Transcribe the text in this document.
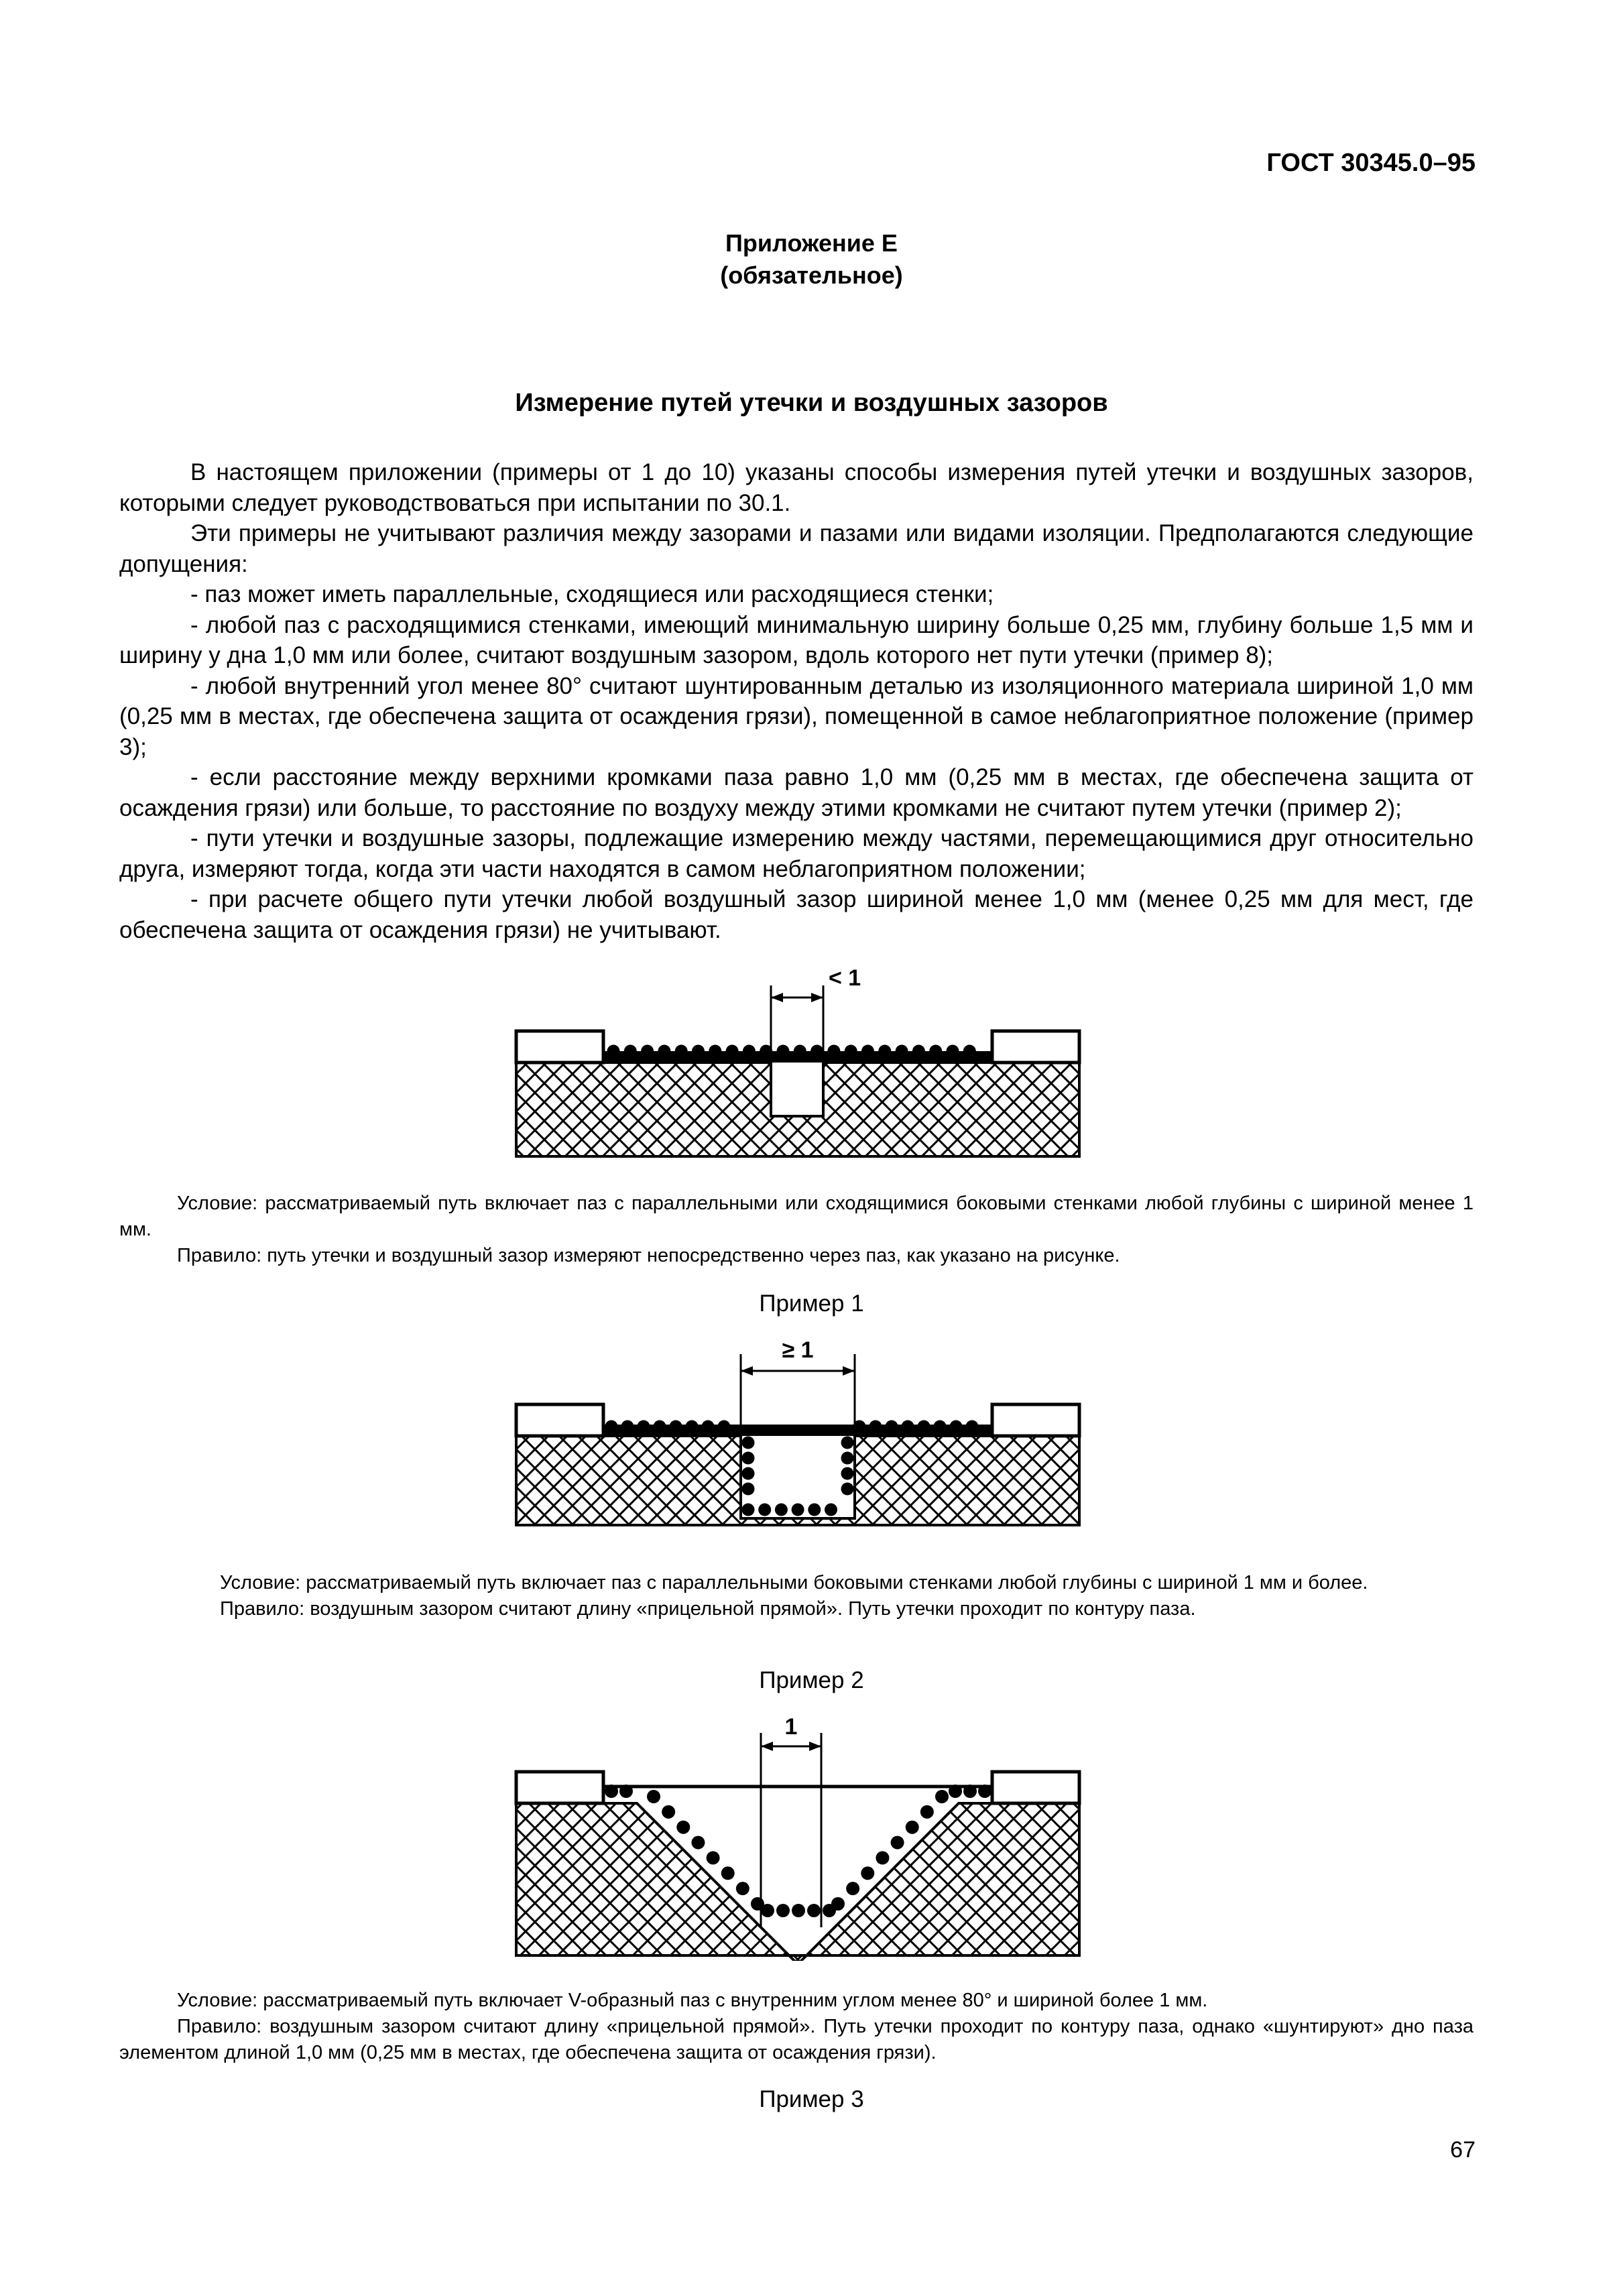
ГОСТ 30345.0–95
Приложение Е
(обязательное)
Измерение путей утечки и воздушных зазоров

В настоящем приложении (примеры от 1 до 10) указаны способы измерения путей утечки и воздушных зазоров, которыми следует руководствоваться при испытании по 30.1.

Эти примеры не учитывают различия между зазорами и пазами или видами изоляции. Предполагаются следующие допущения:

- паз может иметь параллельные, сходящиеся или расходящиеся стенки;

- любой паз с расходящимися стенками, имеющий минимальную ширину больше 0,25 мм, глубину больше 1,5 мм и ширину у дна 1,0 мм или более, считают воздушным зазором, вдоль которого нет пути утечки (пример 8);

- любой внутренний угол менее 80° считают шунтированным деталью из изоляционного материала шириной 1,0 мм (0,25 мм в местах, где обеспечена защита от осаждения грязи), помещенной в самое неблагоприятное положение (пример 3);

- если расстояние между верхними кромками паза равно 1,0 мм (0,25 мм в местах, где обеспечена защита от осаждения грязи) или больше, то расстояние по воздуху между этими кромками не считают путем утечки (пример 2);

- пути утечки и воздушные зазоры, подлежащие измерению между частями, перемещающимися друг относительно друга, измеряют тогда, когда эти части находятся в самом неблагоприятном положении;

- при расчете общего пути утечки любой воздушный зазор шириной менее 1,0 мм (менее 0,25 мм для мест, где обеспечена защита от осаждения грязи) не учитывают.

< 1

Условие: рассматриваемый путь включает паз с параллельными или сходящимися боковыми стенками любой глубины с шириной менее 1 мм.

Правило: путь утечки и воздушный зазор измеряют непосредственно через паз, как указано на рисунке.

Пример 1
≥ 1

Условие: рассматриваемый путь включает паз с параллельными боковыми стенками любой глубины с шириной 1 мм и более.

Правило: воздушным зазором считают длину «прицельной прямой». Путь утечки проходит по контуру паза.

Пример 2
1

Условие: рассматриваемый путь включает V-образный паз с внутренним углом менее 80° и шириной более 1 мм.

Правило: воздушным зазором считают длину «прицельной прямой». Путь утечки проходит по контуру паза, однако «шунтируют» дно паза элементом длиной 1,0 мм (0,25 мм в местах, где обеспечена защита от осаждения грязи).

Пример 3
67
